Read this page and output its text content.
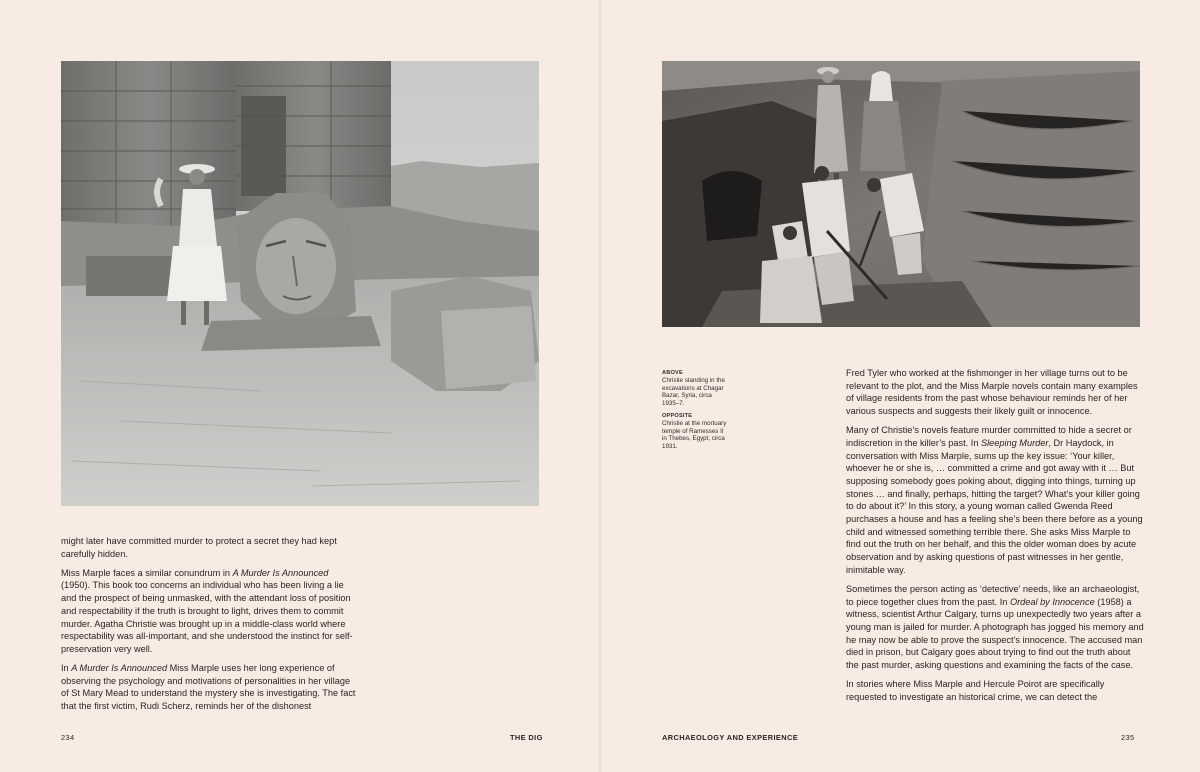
ABOVE
Christie standing in the excavations at Chagar Bazar, Syria, circa 1935–7.
OPPOSITE
Christie at the mortuary temple of Ramesses II in Thebes, Egypt, circa 1931.

might later have committed murder to protect a secret they had kept carefully hidden.

Miss Marple faces a similar conundrum in A Murder Is Announced (1950). This book too concerns an individual who has been living a lie and the prospect of being unmasked, with the attendant loss of position and respectability if the truth is brought to light, drives them to commit murder. Agatha Christie was brought up in a middle-class world where respectability was all-important, and she understood the instinct for self-preservation very well.

In A Murder Is Announced Miss Marple uses her long experience of observing the psychology and motivations of personalities in her village of St Mary Mead to understand the mystery she is investigating. The fact that the first victim, Rudi Scherz, reminds her of the dishonest

Fred Tyler who worked at the fishmonger in her village turns out to be relevant to the plot, and the Miss Marple novels contain many examples of village residents from the past whose behaviour reminds her of her various suspects and suggests their likely guilt or innocence.

Many of Christie’s novels feature murder committed to hide a secret or indiscretion in the killer’s past. In Sleeping Murder, Dr Haydock, in conversation with Miss Marple, sums up the key issue: ‘Your killer, whoever he or she is, … committed a crime and got away with it … But supposing somebody goes poking about, digging into things, turning up stones … and finally, perhaps, hitting the target? What’s your killer going to do about it?’ In this story, a young woman called Gwenda Reed purchases a house and has a feeling she’s been there before as a young child and witnessed something terrible there. She asks Miss Marple to find out the truth on her behalf, and this the older woman does by acute observation and by asking questions of past witnesses in her gentle, inimitable way.

Sometimes the person acting as ‘detective’ needs, like an archaeologist, to piece together clues from the past. In Ordeal by Innocence (1958) a witness, scientist Arthur Calgary, turns up unexpectedly two years after a young man is jailed for murder. A photograph has jogged his memory and he may now be able to prove the suspect’s innocence. The accused man died in prison, but Calgary goes about trying to find out the truth about the past murder, asking questions and examining the facts of the case.

In stories where Miss Marple and Hercule Poirot are specifically requested to investigate an historical crime, we can detect the

234	THE DIG	ARCHAEOLOGY AND EXPERIENCE	235
